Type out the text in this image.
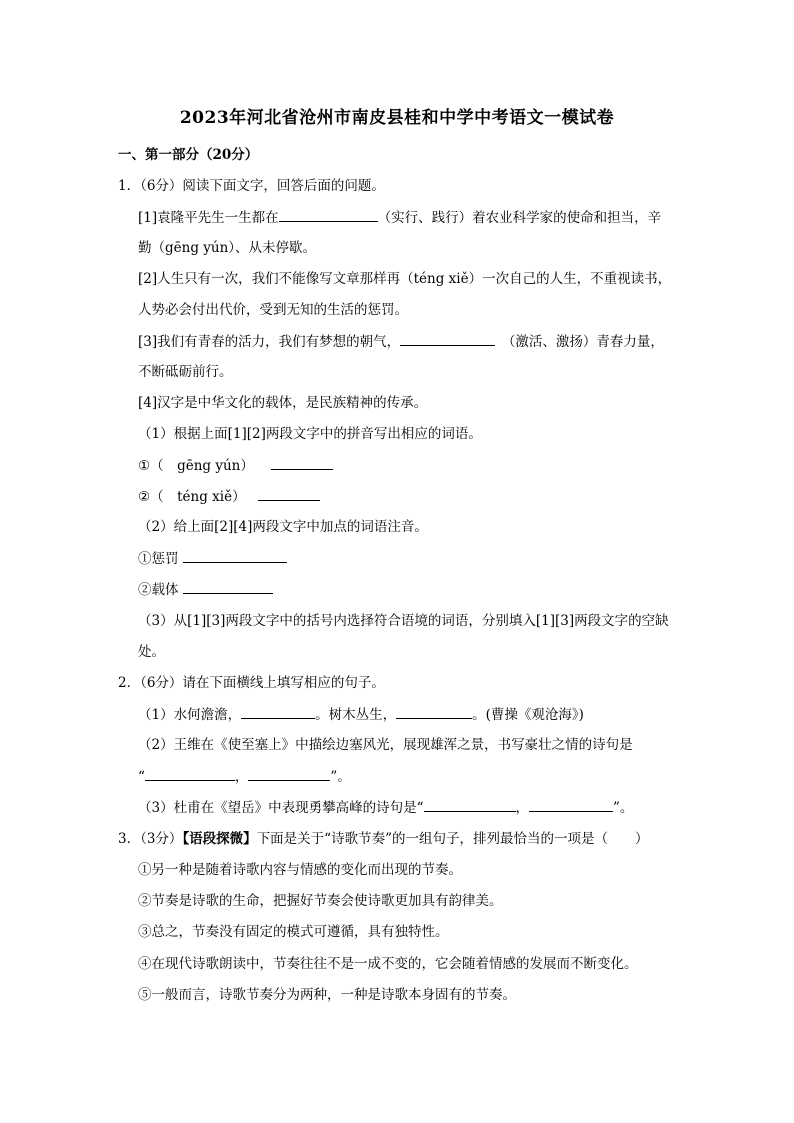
2023年河北省沧州市南皮县桂和中学中考语文一模试卷
一、第一部分（20分）
1．（6分）阅读下面文字，回答后面的问题。
[1]袁隆平先生一生都在	（实行、践行）着农业科学家的使命和担当，辛
勤（gēng yún）、从未停歇。
[2]人生只有一次，我们不能像写文章那样再（téng xiě）一次自己的人生，不重视读书，
人势必会付出代价，受到无知的生活的惩罚。
[3]我们有青春的活力，我们有梦想的朝气，　	（激活、激扬）青春力量，
不断砥砺前行。
[4]汉字是中华文化的载体，是民族精神的传承。
（1）根据上面[1][2]两段文字中的拼音写出相应的词语。
①（　gēng yún）
②（　téng xiě）
（2）给上面[2][4]两段文字中加点的词语注音。
①惩罚
②载体
（3）从[1][3]两段文字中的括号内选择符合语境的词语，分别填入[1][3]两段文字的空缺
处。
2．（6分）请在下面横线上填写相应的句子。
（1）水何澹澹，	。树木丛生，	。(曹操《观沧海》)
（2）王维在《使至塞上》中描绘边塞风光，展现雄浑之景，书写豪壮之情的诗句是
“	，	”。
（3）杜甫在《望岳》中表现勇攀高峰的诗句是“	，	”。
3．（3分）【语段探微】下面是关于“诗歌节奏”的一组句子，排列最恰当的一项是（　　）
①另一种是随着诗歌内容与情感的变化而出现的节奏。
②节奏是诗歌的生命，把握好节奏会使诗歌更加具有韵律美。
③总之，节奏没有固定的模式可遵循，具有独特性。
④在现代诗歌朗读中，节奏往往不是一成不变的，它会随着情感的发展而不断变化。
⑤一般而言，诗歌节奏分为两种，一种是诗歌本身固有的节奏。
